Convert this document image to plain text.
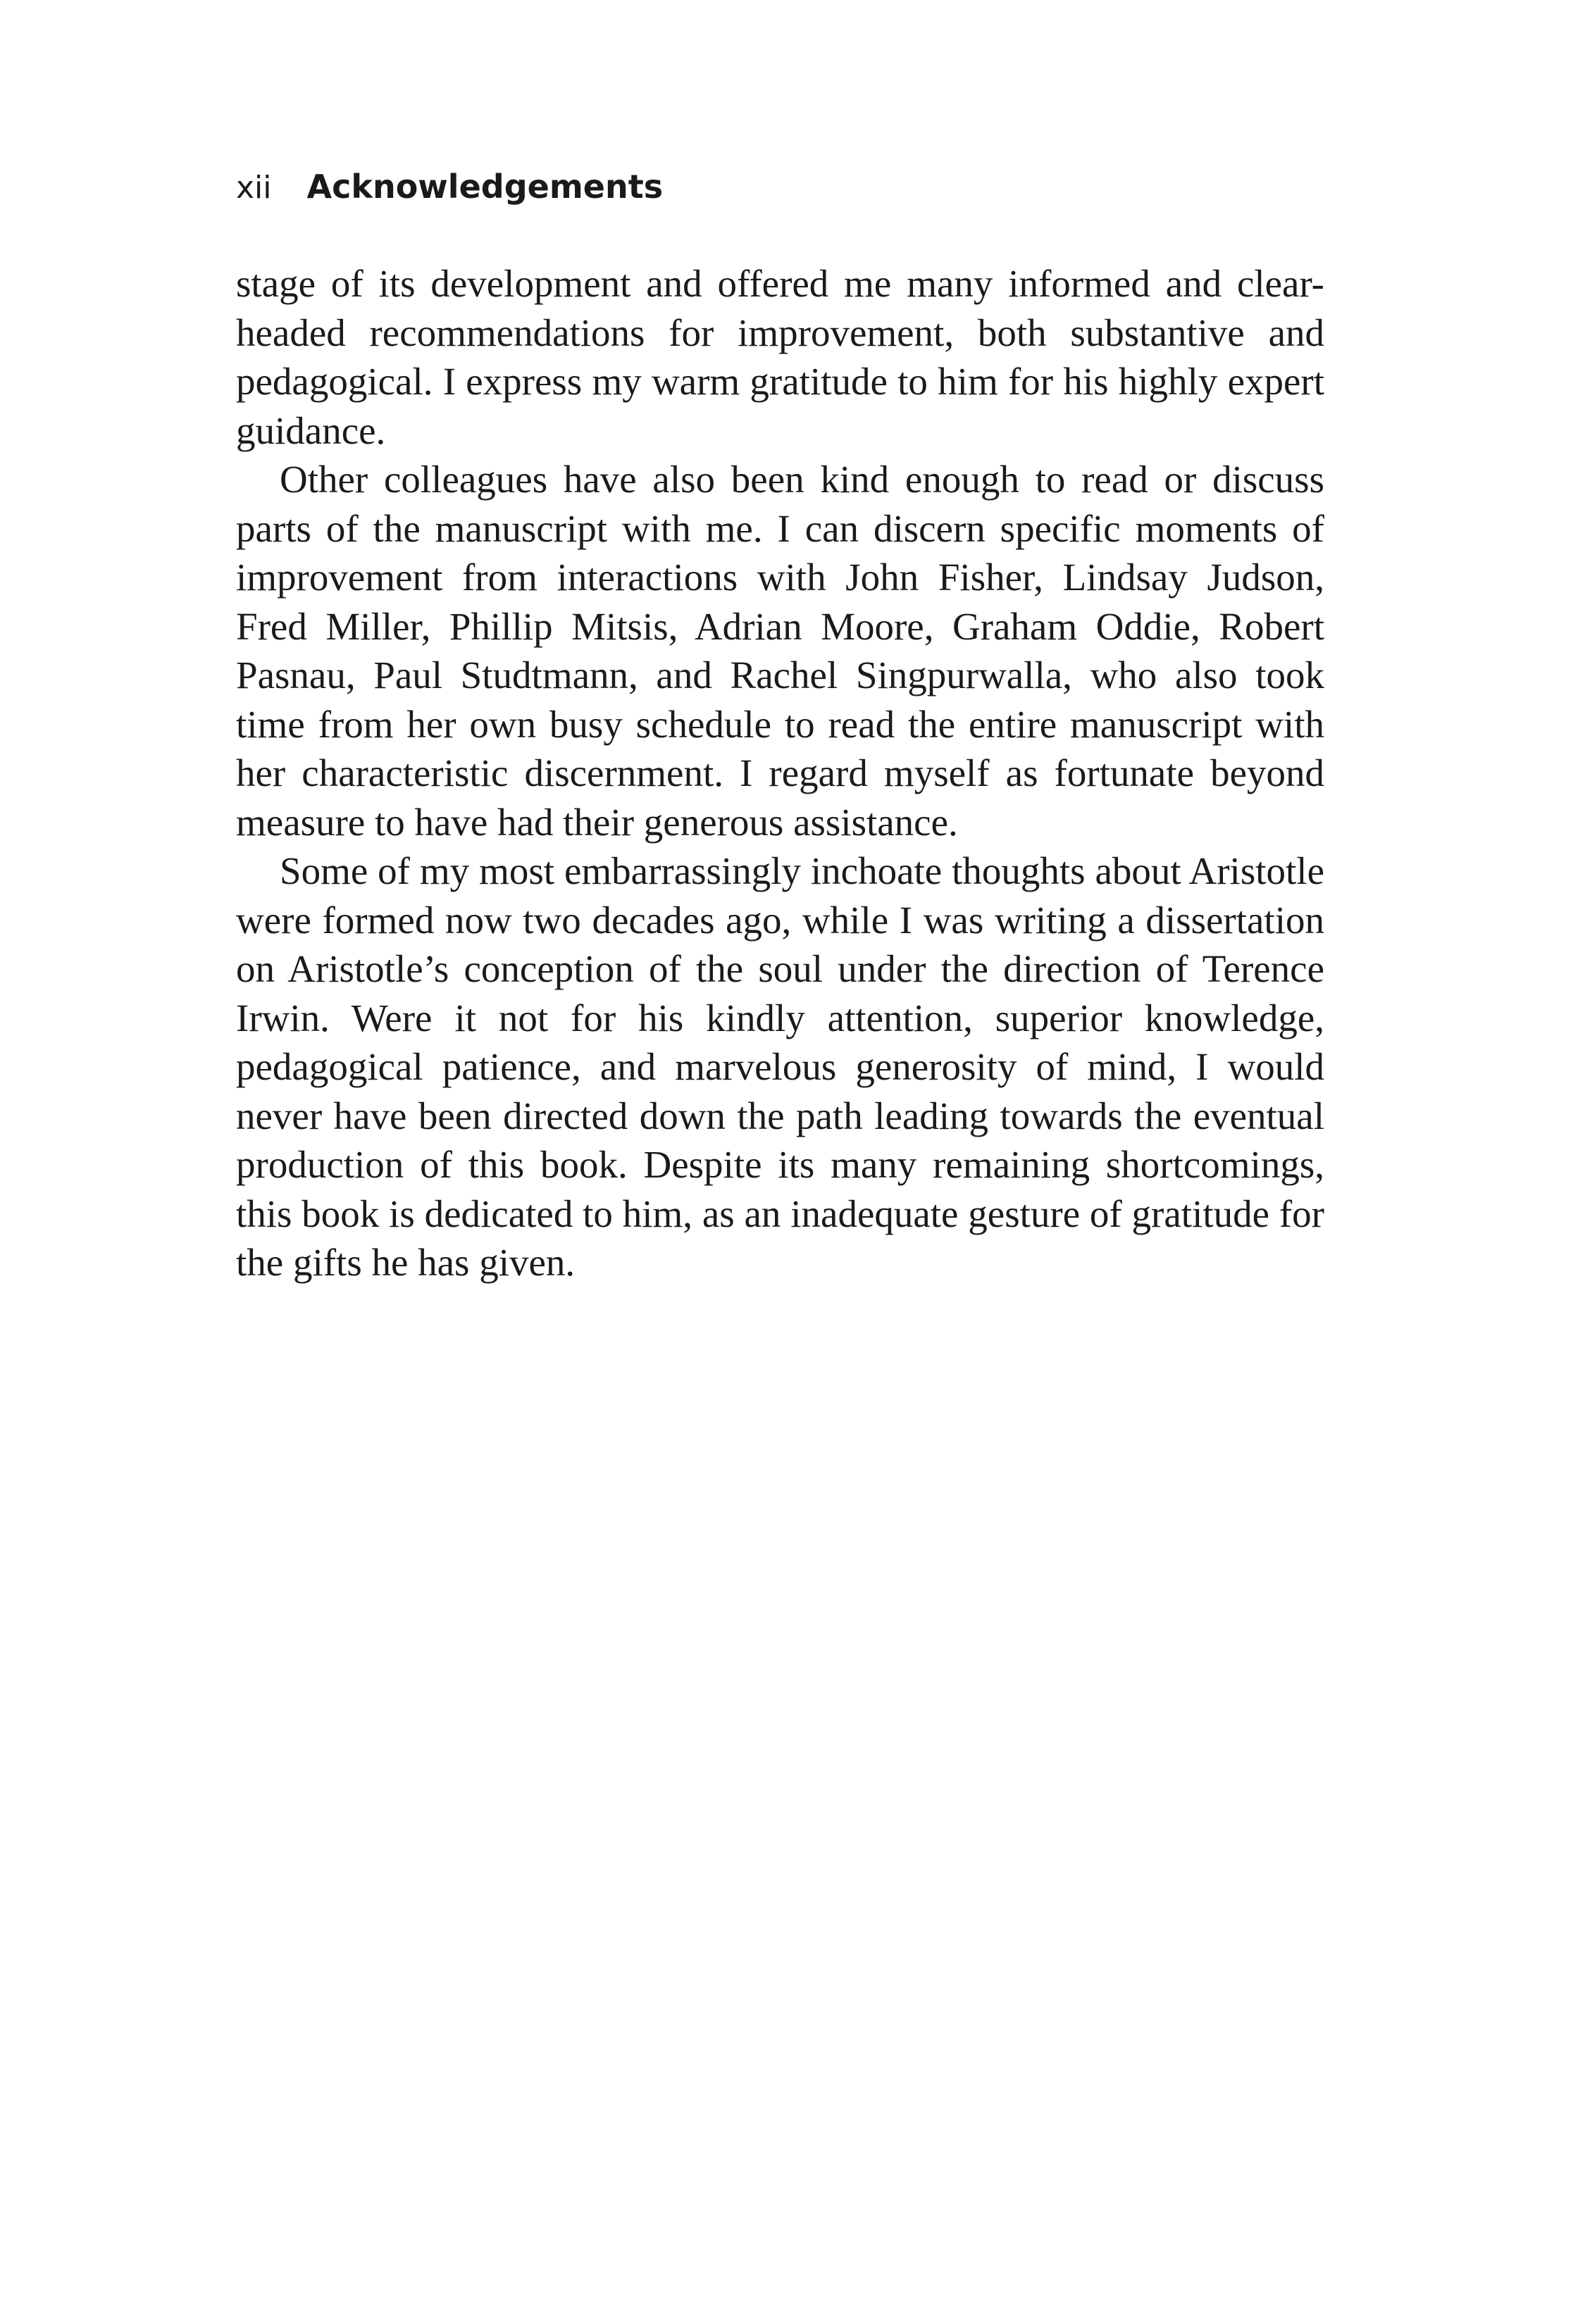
xii Acknowledgements

stage of its development and offered me many informed and clear-headed recommendations for improvement, both substantive and pedagogical. I express my warm gratitude to him for his highly expert guidance.

Other colleagues have also been kind enough to read or discuss parts of the manuscript with me. I can discern specific moments of improvement from interactions with John Fisher, Lindsay Judson, Fred Miller, Phillip Mitsis, Adrian Moore, Graham Oddie, Robert Pasnau, Paul Studtmann, and Rachel Singpurwalla, who also took time from her own busy schedule to read the entire manuscript with her characteristic discernment. I regard myself as fortunate beyond measure to have had their generous assistance.

Some of my most embarrassingly inchoate thoughts about Aristotle were formed now two decades ago, while I was writing a dissertation on Aristotle’s conception of the soul under the direction of Terence Irwin. Were it not for his kindly attention, superior knowledge, pedagogical patience, and marvelous generosity of mind, I would never have been directed down the path leading towards the eventual production of this book. Despite its many remaining shortcomings, this book is dedicated to him, as an inadequate gesture of gratitude for the gifts he has given.
